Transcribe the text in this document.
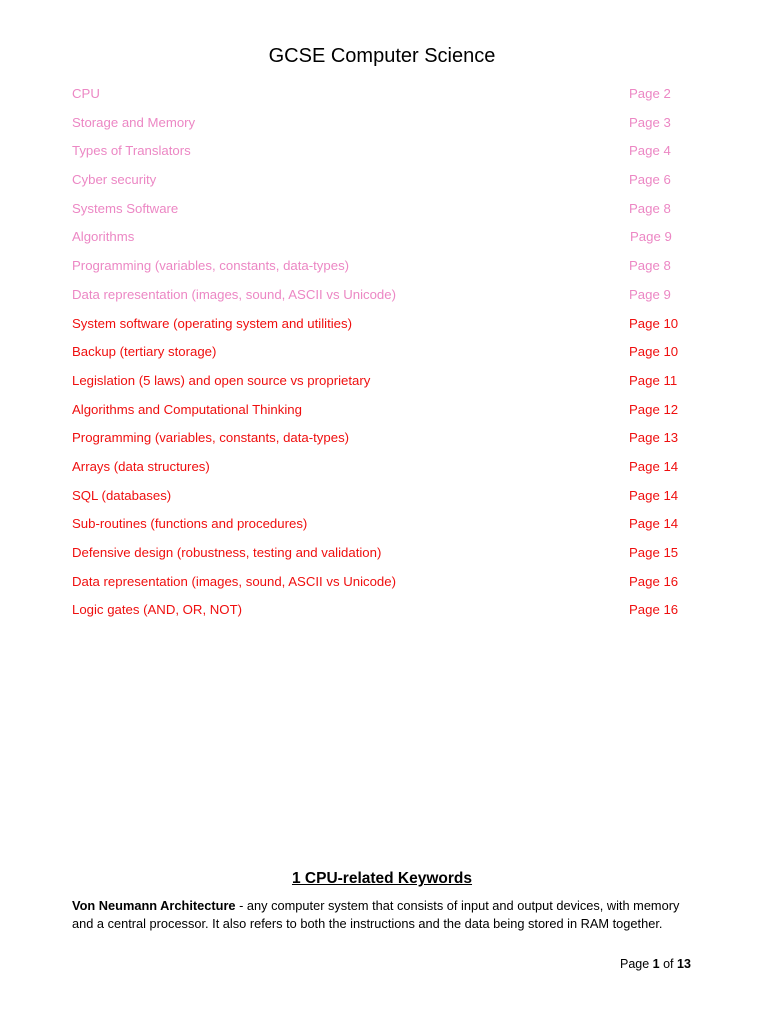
GCSE Computer Science
CPU	Page 2
Storage and Memory	Page 3
Types of Translators	Page 4
Cyber security	Page 6
Systems Software	Page 8
Algorithms	Page 9
Programming (variables, constants, data-types)	Page 8
Data representation (images, sound, ASCII vs Unicode)	Page 9
System software (operating system and utilities)	Page 10
Backup (tertiary storage)	Page 10
Legislation (5 laws) and open source vs proprietary	Page 11
Algorithms and Computational Thinking	Page 12
Programming (variables, constants, data-types)	Page 13
Arrays (data structures)	Page 14
SQL (databases)	Page 14
Sub-routines (functions and procedures)	Page 14
Defensive design (robustness, testing and validation)	Page 15
Data representation (images, sound, ASCII vs Unicode)	Page 16
Logic gates (AND, OR, NOT)	Page 16
1 CPU-related Keywords
Von Neumann Architecture - any computer system that consists of input and output devices, with memory and a central processor. It also refers to both the instructions and the data being stored in RAM together.
Page 1 of 13
